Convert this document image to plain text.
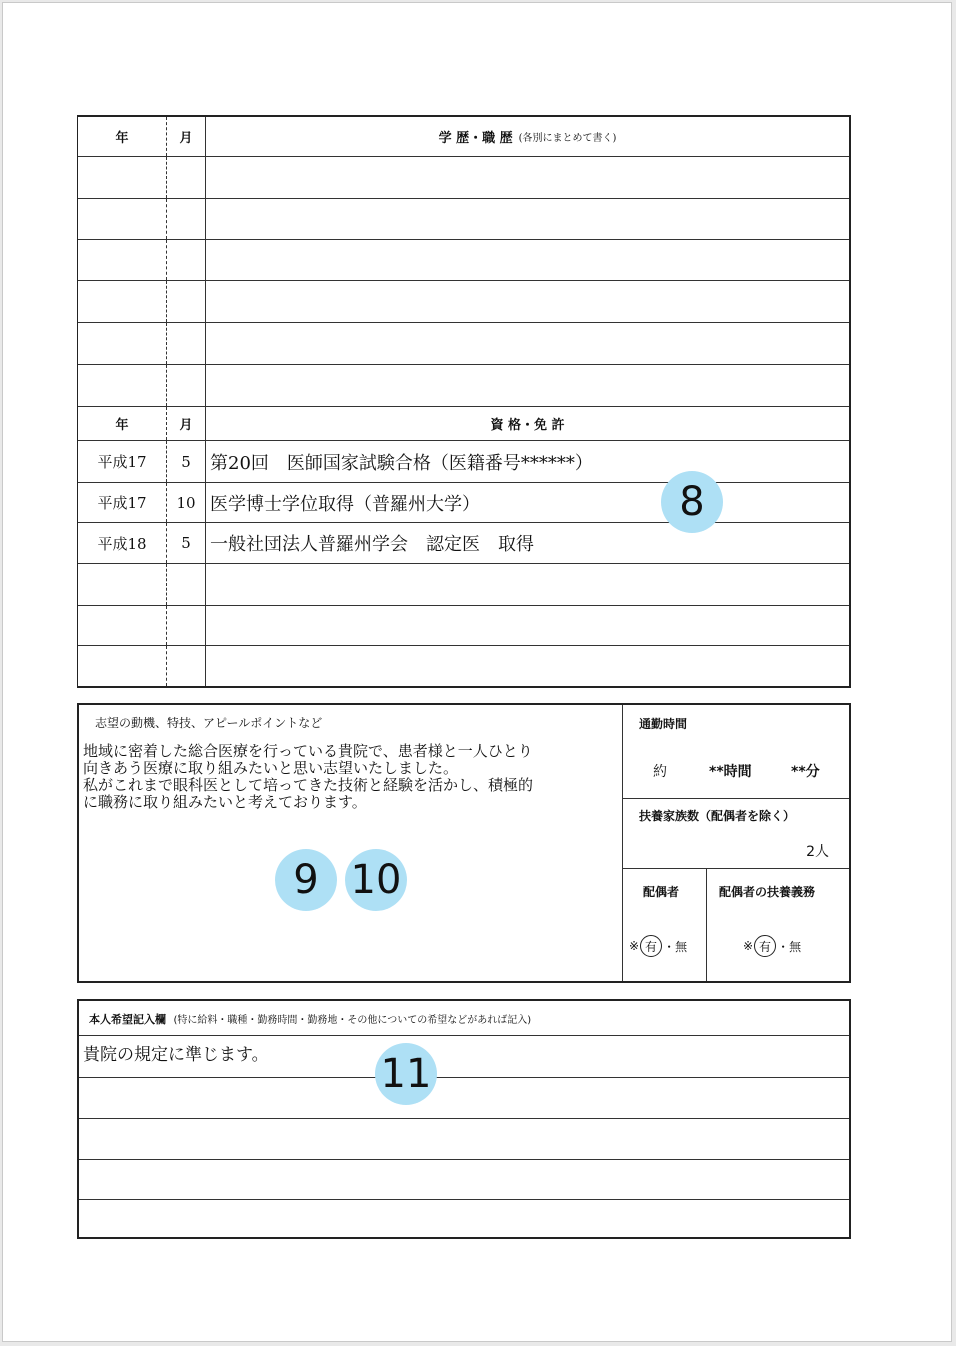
年	月	学 歴・職 歴 (各別にまとめて書く)
年	月	資 格・免 許
平成17	5	第20回　医師国家試験合格（医籍番号******）
平成17	10 医学博士学位取得（普羅州大学）
平成18	5	一般社団法人普羅州学会　認定医　取得
志望の動機、特技、アピールポイントなど
地域に密着した総合医療を行っている貴院で、患者様と一人ひとり
向きあう医療に取り組みたいと思い志望いたしました。
私がこれまで眼科医として培ってきた技術と経験を活かし、積極的
に職務に取り組みたいと考えております。
通勤時間
約	**時間	**分
扶養家族数（配偶者を除く）
2人
配偶者
※ 有 ・ 無
配偶者の扶養義務
※ 有 ・ 無
本人希望記入欄 (特に給料・職種・勤務時間・勤務地・その他についての希望などがあれば記入)
貴院の規定に準じます。
8
9 10
11
